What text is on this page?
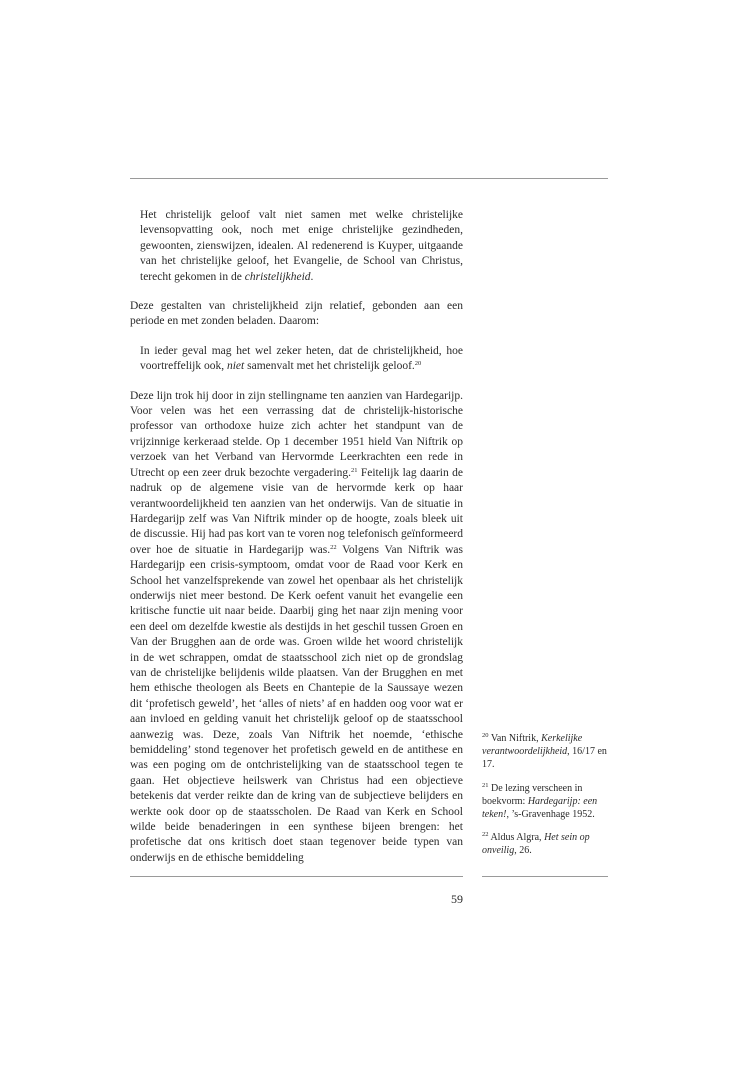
Het christelijk geloof valt niet samen met welke christelijke levensopvatting ook, noch met enige christelijke gezindheden, gewoonten, zienswijzen, idealen. Al redenerend is Kuyper, uitgaande van het christelijke geloof, het Evangelie, de School van Christus, terecht gekomen in de christelijkheid.

Deze gestalten van christelijkheid zijn relatief, gebonden aan een periode en met zonden beladen. Daarom:

In ieder geval mag het wel zeker heten, dat de christelijkheid, hoe voortreffelijk ook, niet samenvalt met het christelijk geloof.$^{20}$

Deze lijn trok hij door in zijn stellingname ten aanzien van Hardegarijp. Voor velen was het een verrassing dat de christelijk-historische professor van orthodoxe huize zich achter het standpunt van de vrijzinnige kerkeraad stelde. Op 1 december 1951 hield Van Niftrik op verzoek van het Verband van Hervormde Leerkrachten een rede in Utrecht op een zeer druk bezochte vergadering.$^{21}$ Feitelijk lag daarin de nadruk op de algemene visie van de hervormde kerk op haar verantwoordelijkheid ten aanzien van het onderwijs. Van de situatie in Hardegarijp zelf was Van Niftrik minder op de hoogte, zoals bleek uit de discussie. Hij had pas kort van te voren nog telefonisch geïnformeerd over hoe de situatie in Hardegarijp was.$^{22}$ Volgens Van Niftrik was Hardegarijp een crisis-symptoom, omdat voor de Raad voor Kerk en School het vanzelfsprekende van zowel het openbaar als het christelijk onderwijs niet meer bestond. De Kerk oefent vanuit het evangelie een kritische functie uit naar beide. Daarbij ging het naar zijn mening voor een deel om dezelfde kwestie als destijds in het geschil tussen Groen en Van der Brugghen aan de orde was. Groen wilde het woord christelijk in de wet schrappen, omdat de staatsschool zich niet op de grondslag van de christelijke belijdenis wilde plaatsen. Van der Brugghen en met hem ethische theologen als Beets en Chantepie de la Saussaye wezen dit ‘profetisch geweld’, het ‘alles of niets’ af en hadden oog voor wat er aan invloed en gelding vanuit het christelijk geloof op de staatsschool aanwezig was. Deze, zoals Van Niftrik het noemde, ‘ethische bemiddeling’ stond tegenover het profetisch geweld en de antithese en was een poging om de ontchristelijking van de staatsschool tegen te gaan. Het objectieve heilswerk van Christus had een objectieve betekenis dat verder reikte dan de kring van de subjectieve belijders en werkte ook door op de staatsscholen. De Raad van Kerk en School wilde beide benaderingen in een synthese bijeen brengen: het profetische dat ons kritisch doet staan tegenover beide typen van onderwijs en de ethische bemiddeling

$^{20}$ Van Niftrik, Kerkelijke verantwoordelijkheid, 16/17 en 17.

$^{21}$ De lezing verscheen in boekvorm: Hardegarijp: een teken!, ’s-Gravenhage 1952.

$^{22}$ Aldus Algra, Het sein op onveilig, 26.

59
